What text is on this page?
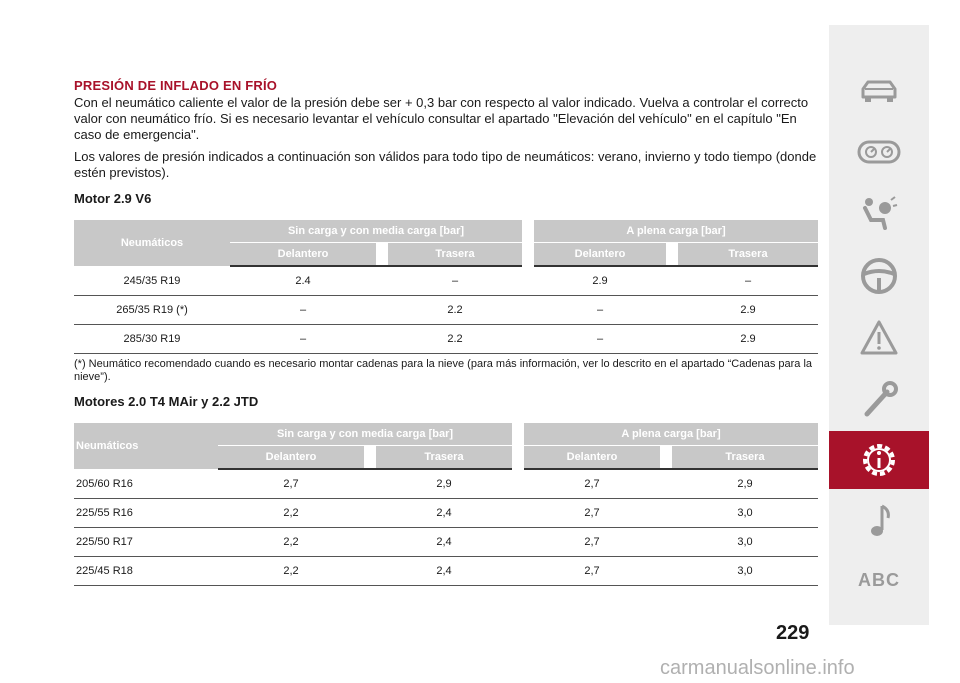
PRESIÓN DE INFLADO EN FRÍO

Con el neumático caliente el valor de la presión debe ser + 0,3 bar con respecto al valor indicado. Vuelva a controlar el correcto valor con neumático frío. Si es necesario levantar el vehículo consultar el apartado "Elevación del vehículo" en el capítulo "En caso de emergencia".

Los valores de presión indicados a continuación son válidos para todo tipo de neumáticos: verano, invierno y todo tiempo (donde estén previstos).

Motor 2.9 V6
Neumáticos	Sin carga y con media carga [bar]				A plena carga [bar]		
	Delantero		Trasera		Delantero		Trasera
245/35 R19	2.4		–		2.9		–
265/35 R19 (*)	–		2.2		–		2.9
285/30 R19	–		2.2		–		2.9

(*) Neumático recomendado cuando es necesario montar cadenas para la nieve (para más información, ver lo descrito en el apartado “Cadenas para la nieve”).

Motores 2.0 T4 MAir y 2.2 JTD
Neumáticos	Sin carga y con media carga [bar]				A plena carga [bar]		
	Delantero		Trasera		Delantero		Trasera
205/60 R16	2,7		2,9		2,7		2,9
225/55 R16	2,2		2,4		2,7		3,0
225/50 R17	2,2		2,4		2,7		3,0
225/45 R18	2,2		2,4		2,7		3,0	ABC
229
carmanualsonline.info
